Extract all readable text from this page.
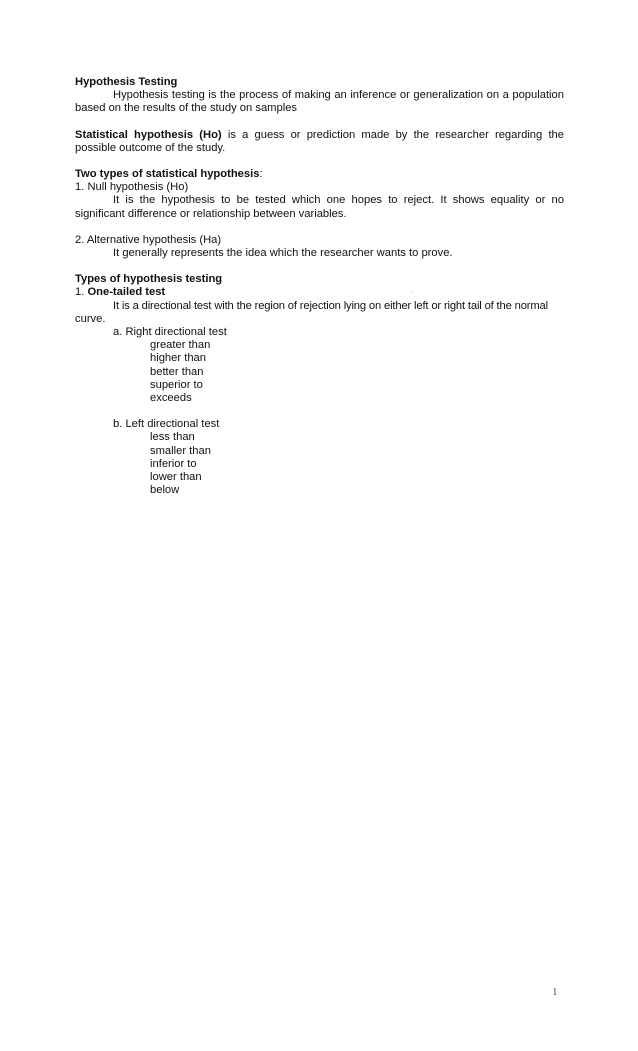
Hypothesis Testing
Hypothesis testing is the process of making an inference or generalization on a population
based on the results of the study on samples
Statistical hypothesis (Ho) is a guess or prediction made by the researcher regarding the
possible outcome of the study.
Two types of statistical hypothesis:
1. Null hypothesis (Ho)
It is the hypothesis to be tested which one hopes to reject. It shows equality or no
significant difference or relationship between variables.
2. Alternative hypothesis (Ha)
It generally represents the idea which the researcher wants to prove.
Types of hypothesis testing
1. One-tailed test
It is a directional test with the region of rejection lying on either left or right tail of the normal
curve.
a. Right directional test
greater than
higher than
better than
superior to
exceeds
b. Left directional test
less than
smaller than
inferior to
lower than
below
1
